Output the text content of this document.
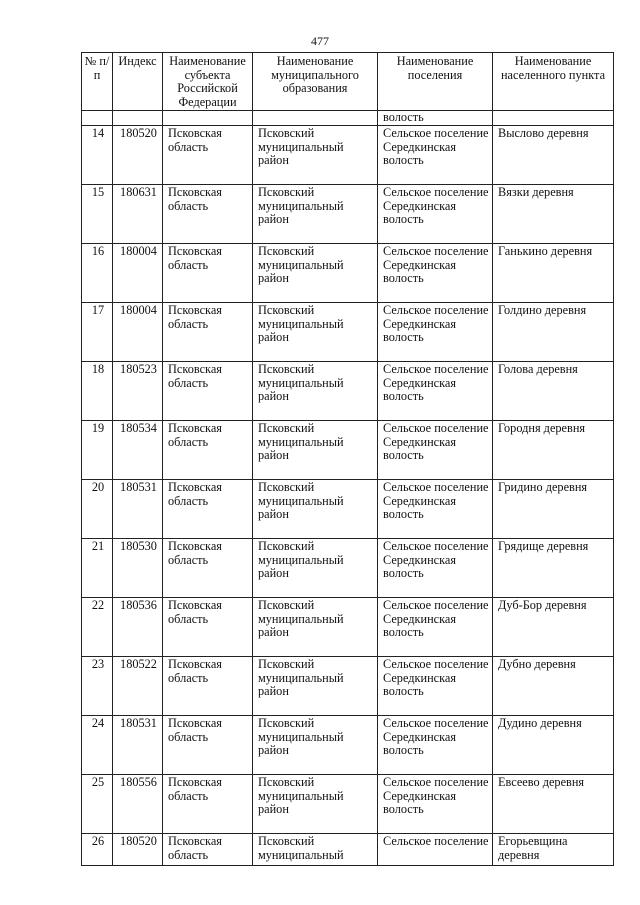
477
№ п/п	Индекс	Наименование субъекта Российской Федерации	Наименование муниципального образования	Наименование поселения	Наименование населенного пункта
				волость	
14	180520	Псковская область	Псковский муниципальный район	Сельское поселение Середкинская волость	Выслово деревня
15	180631	Псковская область	Псковский муниципальный район	Сельское поселение Середкинская волость	Вязки деревня
16	180004	Псковская область	Псковский муниципальный район	Сельское поселение Середкинская волость	Ганькино деревня
17	180004	Псковская область	Псковский муниципальный район	Сельское поселение Середкинская волость	Голдино деревня
18	180523	Псковская область	Псковский муниципальный район	Сельское поселение Середкинская волость	Голова деревня
19	180534	Псковская область	Псковский муниципальный район	Сельское поселение Середкинская волость	Городня деревня
20	180531	Псковская область	Псковский муниципальный район	Сельское поселение Середкинская волость	Гридино деревня
21	180530	Псковская область	Псковский муниципальный район	Сельское поселение Середкинская волость	Грядище деревня
22	180536	Псковская область	Псковский муниципальный район	Сельское поселение Середкинская волость	Дуб-Бор деревня
23	180522	Псковская область	Псковский муниципальный район	Сельское поселение Середкинская волость	Дубно деревня
24	180531	Псковская область	Псковский муниципальный район	Сельское поселение Середкинская волость	Дудино деревня
25	180556	Псковская область	Псковский муниципальный район	Сельское поселение Середкинская волость	Евсеево деревня
26	180520	Псковская область	Псковский муниципальный	Сельское поселение	Егорьевщина деревня
